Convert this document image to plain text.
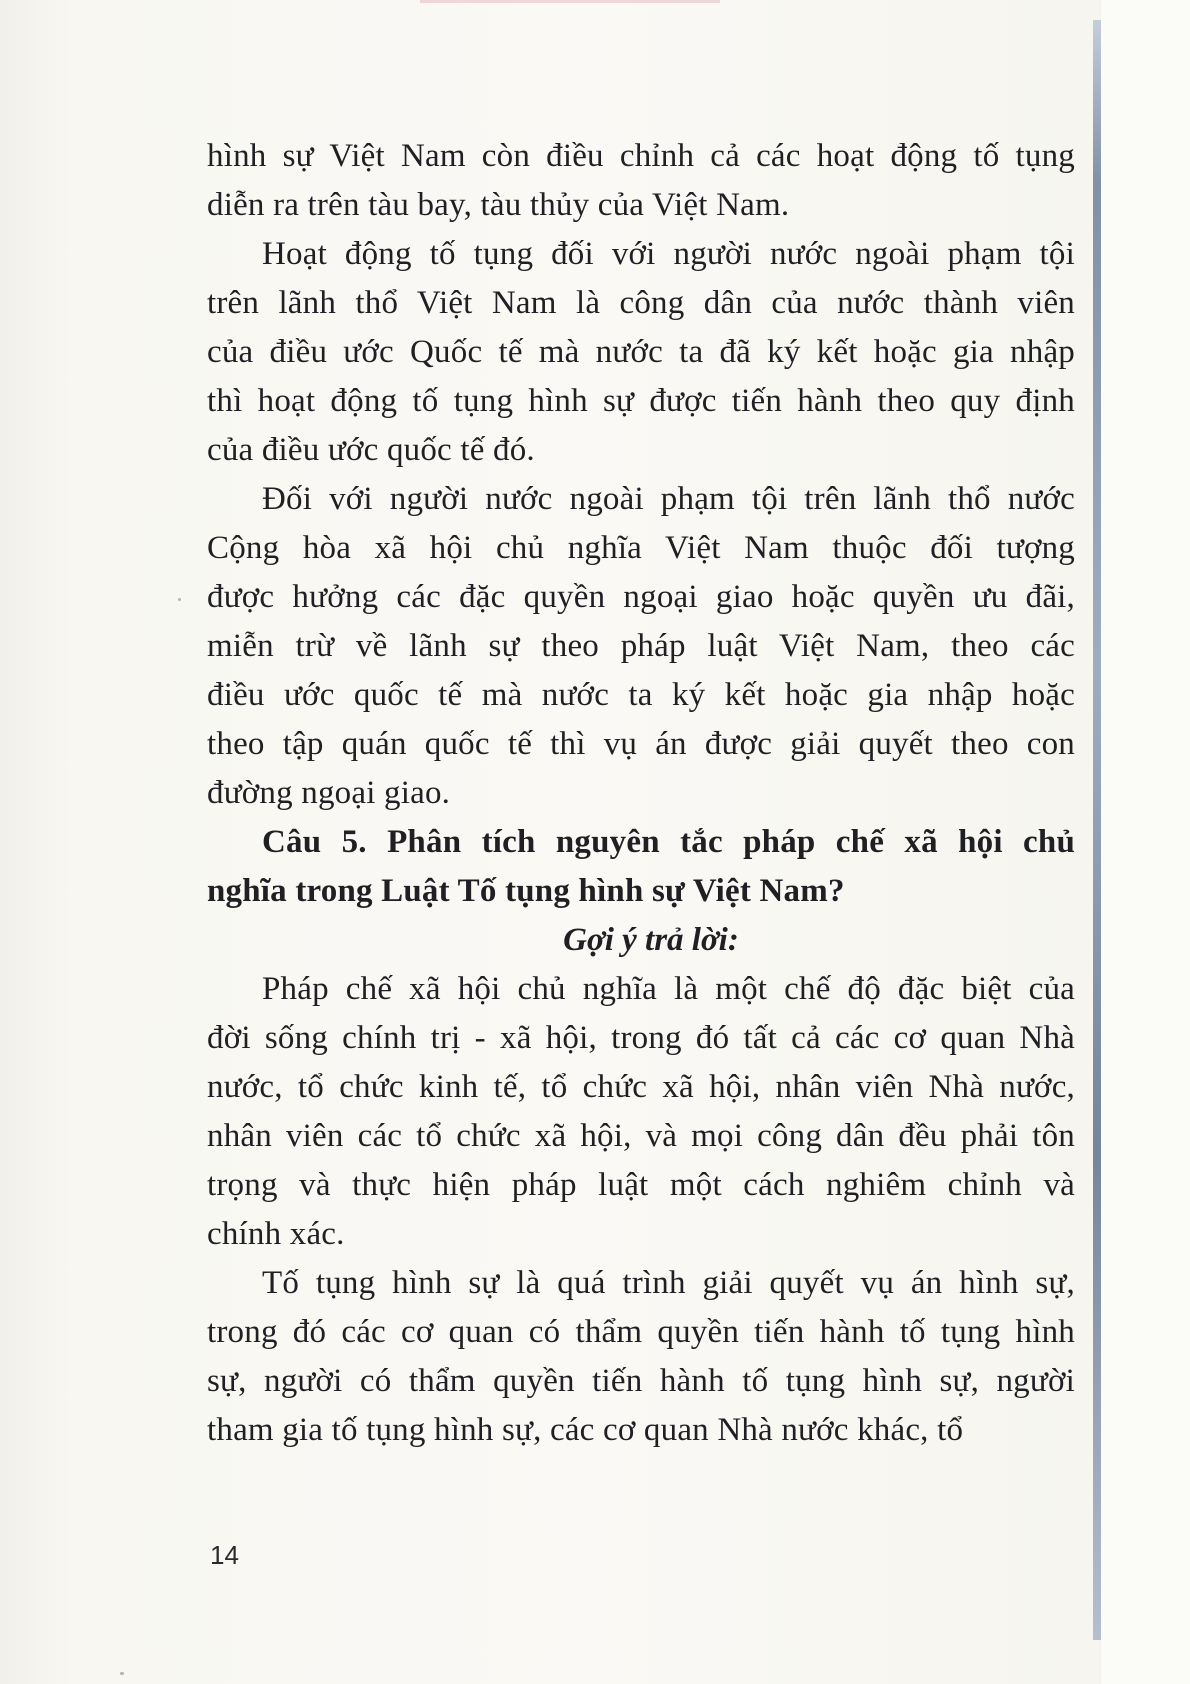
hình sự Việt Nam còn điều chỉnh cả các hoạt động tố tụng
diễn ra trên tàu bay, tàu thủy của Việt Nam.
Hoạt động tố tụng đối với người nước ngoài phạm tội
trên lãnh thổ Việt Nam là công dân của nước thành viên
của điều ước Quốc tế mà nước ta đã ký kết hoặc gia nhập
thì hoạt động tố tụng hình sự được tiến hành theo quy định
của điều ước quốc tế đó.
Đối với người nước ngoài phạm tội trên lãnh thổ nước
Cộng hòa xã hội chủ nghĩa Việt Nam thuộc đối tượng
được hưởng các đặc quyền ngoại giao hoặc quyền ưu đãi,
miễn trừ về lãnh sự theo pháp luật Việt Nam, theo các
điều ước quốc tế mà nước ta ký kết hoặc gia nhập hoặc
theo tập quán quốc tế thì vụ án được giải quyết theo con
đường ngoại giao.
Câu 5. Phân tích nguyên tắc pháp chế xã hội chủ
nghĩa trong Luật Tố tụng hình sự Việt Nam?
Gợi ý trả lời:
Pháp chế xã hội chủ nghĩa là một chế độ đặc biệt của
đời sống chính trị - xã hội, trong đó tất cả các cơ quan Nhà
nước, tổ chức kinh tế, tổ chức xã hội, nhân viên Nhà nước,
nhân viên các tổ chức xã hội, và mọi công dân đều phải tôn
trọng và thực hiện pháp luật một cách nghiêm chỉnh và
chính xác.
Tố tụng hình sự là quá trình giải quyết vụ án hình sự,
trong đó các cơ quan có thẩm quyền tiến hành tố tụng hình
sự, người có thẩm quyền tiến hành tố tụng hình sự, người
tham gia tố tụng hình sự, các cơ quan Nhà nước khác, tổ
14
